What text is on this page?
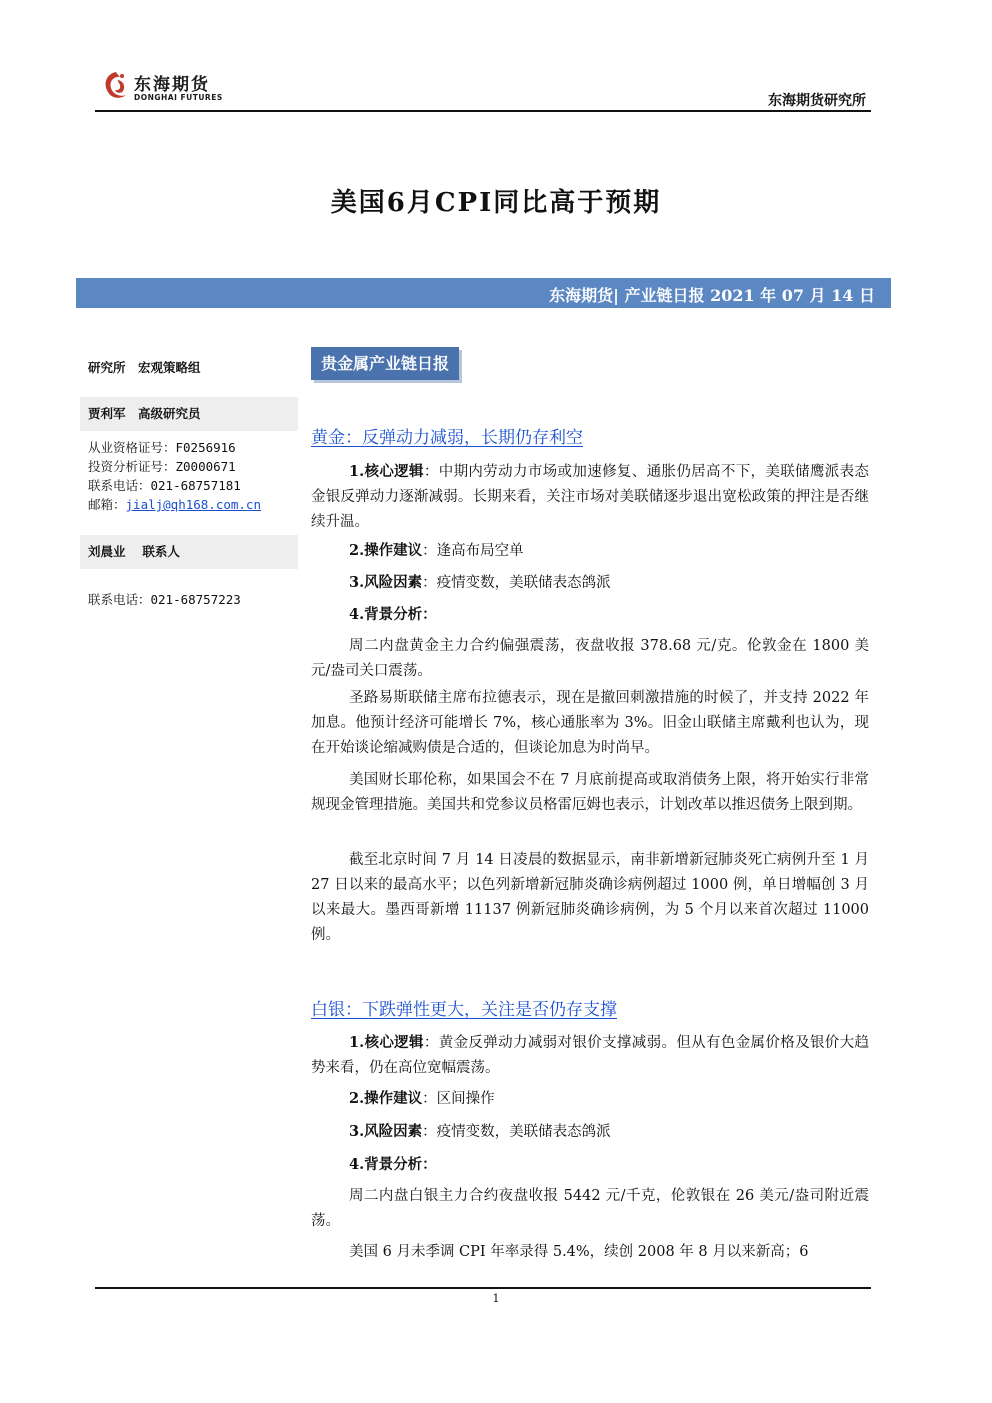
东海期货
DONGHAI FUTURES	东海期货研究所
美国6月CPI同比高于预期
东海期货| 产业链日报 2021 年 07 月 14 日
研究所　宏观策略组
贾利军　高级研究员
从业资格证号：F0256916
投资分析证号：Z0000671
联系电话：021-68757181
邮箱：jialj@qh168.com.cn
刘晨业　 联系人
联系电话：021-68757223
贵金属产业链日报
黄金：反弹动力减弱，长期仍存利空
1.核心逻辑：中期内劳动力市场或加速修复、通胀仍居高不下，美联储鹰派表态金银反弹动力逐渐减弱。长期来看，关注市场对美联储逐步退出宽松政策的押注是否继续升温。
2.操作建议：逢高布局空单
3.风险因素：疫情变数，美联储表态鸽派
4.背景分析：
周二内盘黄金主力合约偏强震荡，夜盘收报 378.68 元/克。伦敦金在 1800 美元/盎司关口震荡。
圣路易斯联储主席布拉德表示，现在是撤回刺激措施的时候了，并支持 2022 年加息。他预计经济可能增长 7%，核心通胀率为 3%。旧金山联储主席戴利也认为，现在开始谈论缩减购债是合适的，但谈论加息为时尚早。
美国财长耶伦称，如果国会不在 7 月底前提高或取消债务上限，将开始实行非常规现金管理措施。美国共和党参议员格雷厄姆也表示，计划改革以推迟债务上限到期。
截至北京时间 7 月 14 日凌晨的数据显示，南非新增新冠肺炎死亡病例升至 1 月 27 日以来的最高水平；以色列新增新冠肺炎确诊病例超过 1000 例，单日增幅创 3 月以来最大。墨西哥新增 11137 例新冠肺炎确诊病例，为 5 个月以来首次超过 11000 例。
白银：下跌弹性更大，关注是否仍存支撑
1.核心逻辑：黄金反弹动力减弱对银价支撑减弱。但从有色金属价格及银价大趋势来看，仍在高位宽幅震荡。
2.操作建议：区间操作
3.风险因素：疫情变数，美联储表态鸽派
4.背景分析：
周二内盘白银主力合约夜盘收报 5442 元/千克，伦敦银在 26 美元/盎司附近震荡。
美国 6 月未季调 CPI 年率录得 5.4%，续创 2008 年 8 月以来新高；6
1
